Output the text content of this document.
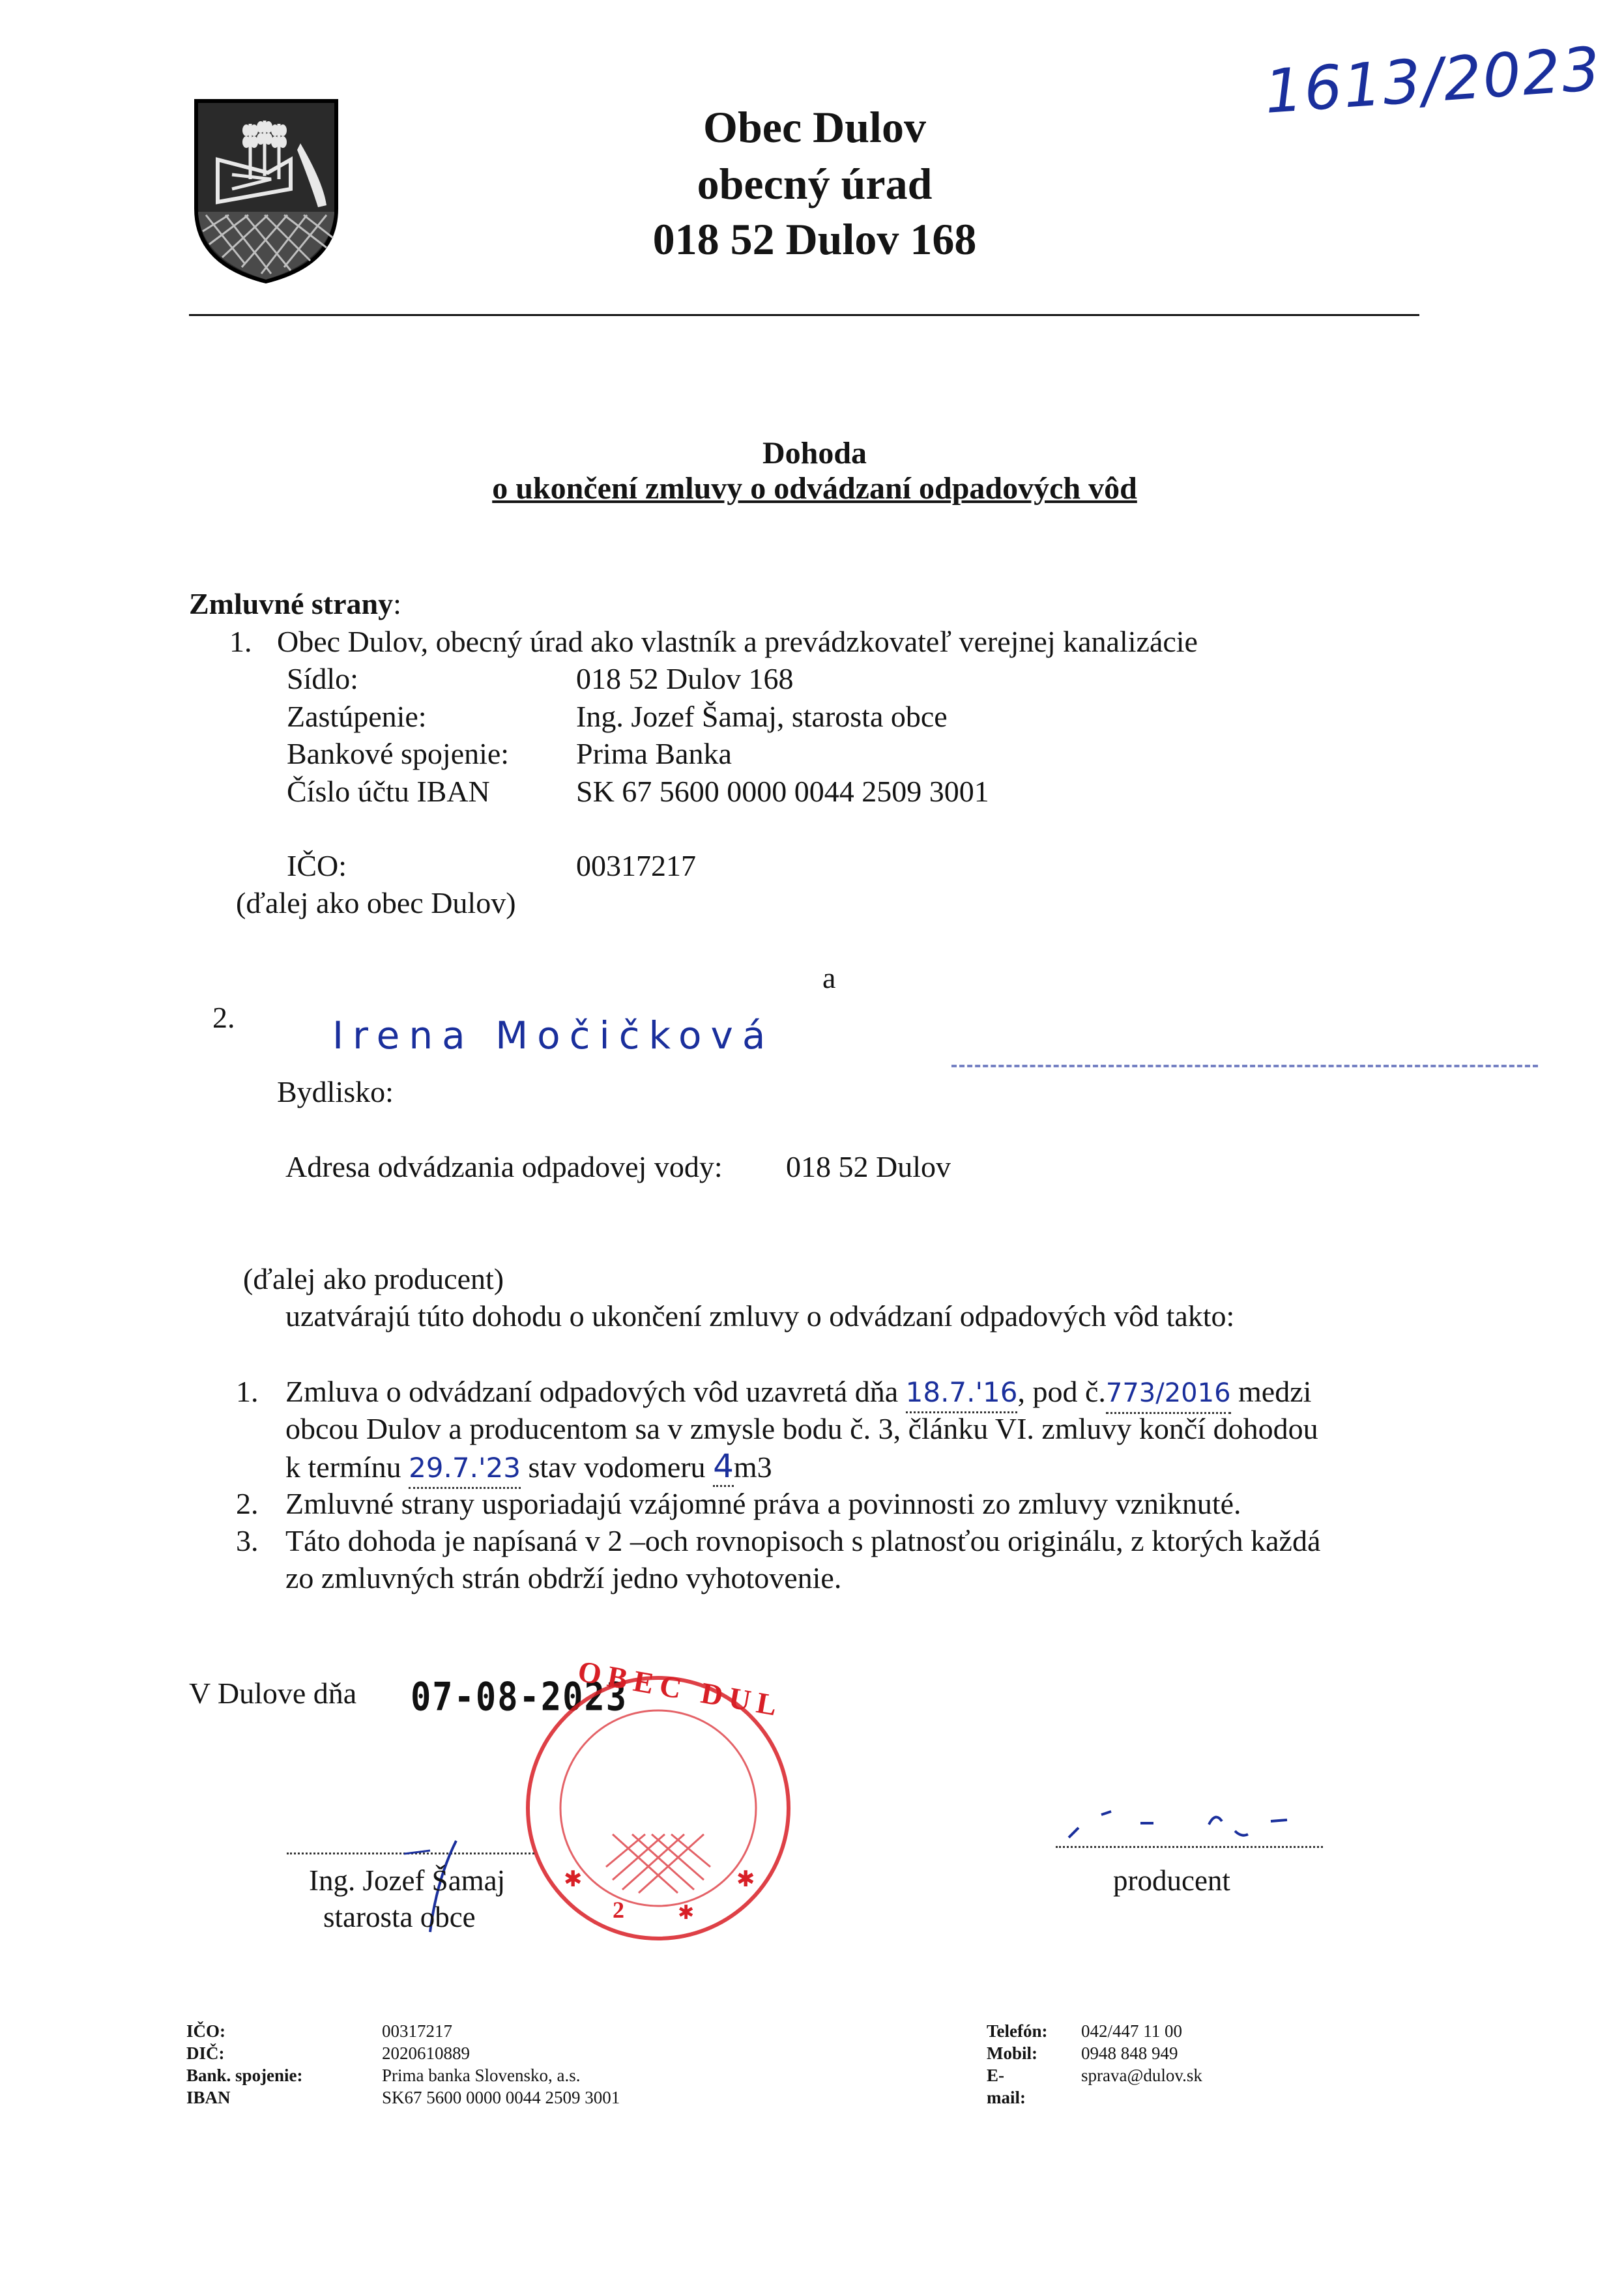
1613/2023
Obec Dulov
obecný úrad
018 52 Dulov 168
Dohoda
o ukončení zmluvy o odvádzaní odpadových vôd
Zmluvné strany:
1. Obec Dulov, obecný úrad ako vlastník a prevádzkovateľ verejnej kanalizácie
Sídlo:	018 52 Dulov 168
Zastúpenie:	Ing. Jozef Šamaj, starosta obce
Bankové spojenie: Prima Banka
Číslo účtu IBAN	SK 67 5600 0000 0044 2509 3001
IČO:	00317217
(ďalej ako obec Dulov)
a
2.	Irena Močičková
Bydlisko:
Adresa odvádzania odpadovej vody: 018 52 Dulov
(ďalej ako producent)
uzatvárajú túto dohodu o ukončení zmluvy o odvádzaní odpadových vôd takto:
1. Zmluva o odvádzaní odpadových vôd uzavretá dňa 18.7.'16, pod č.773/2016 medzi
obcou Dulov a producentom sa v zmysle bodu č. 3, článku VI. zmluvy končí dohodou
k termínu 29.7.'23 stav vodomeru 4m3
2. Zmluvné strany usporiadajú vzájomné práva a povinnosti zo zmluvy vzniknuté.
3. Táto dohoda je napísaná v 2 –och rovnopisoch s platnosťou originálu, z ktorých každá
zo zmluvných strán obdrží jedno vyhotovenie.
V Dulove dňa 07-08-2023
✱	✱
✱
OBEC DUL
2
Ing. Jozef Šamaj
starosta obce
producent
IČO:	00317217
DIČ:	2020610889
Bank. spojenie:	Prima banka Slovensko, a.s.
IBAN	SK67 5600 0000 0044 2509 3001
Telefón: 042/447 11 00
Mobil: 0948 848 949
E-mail:
sprava@dulov.sk
